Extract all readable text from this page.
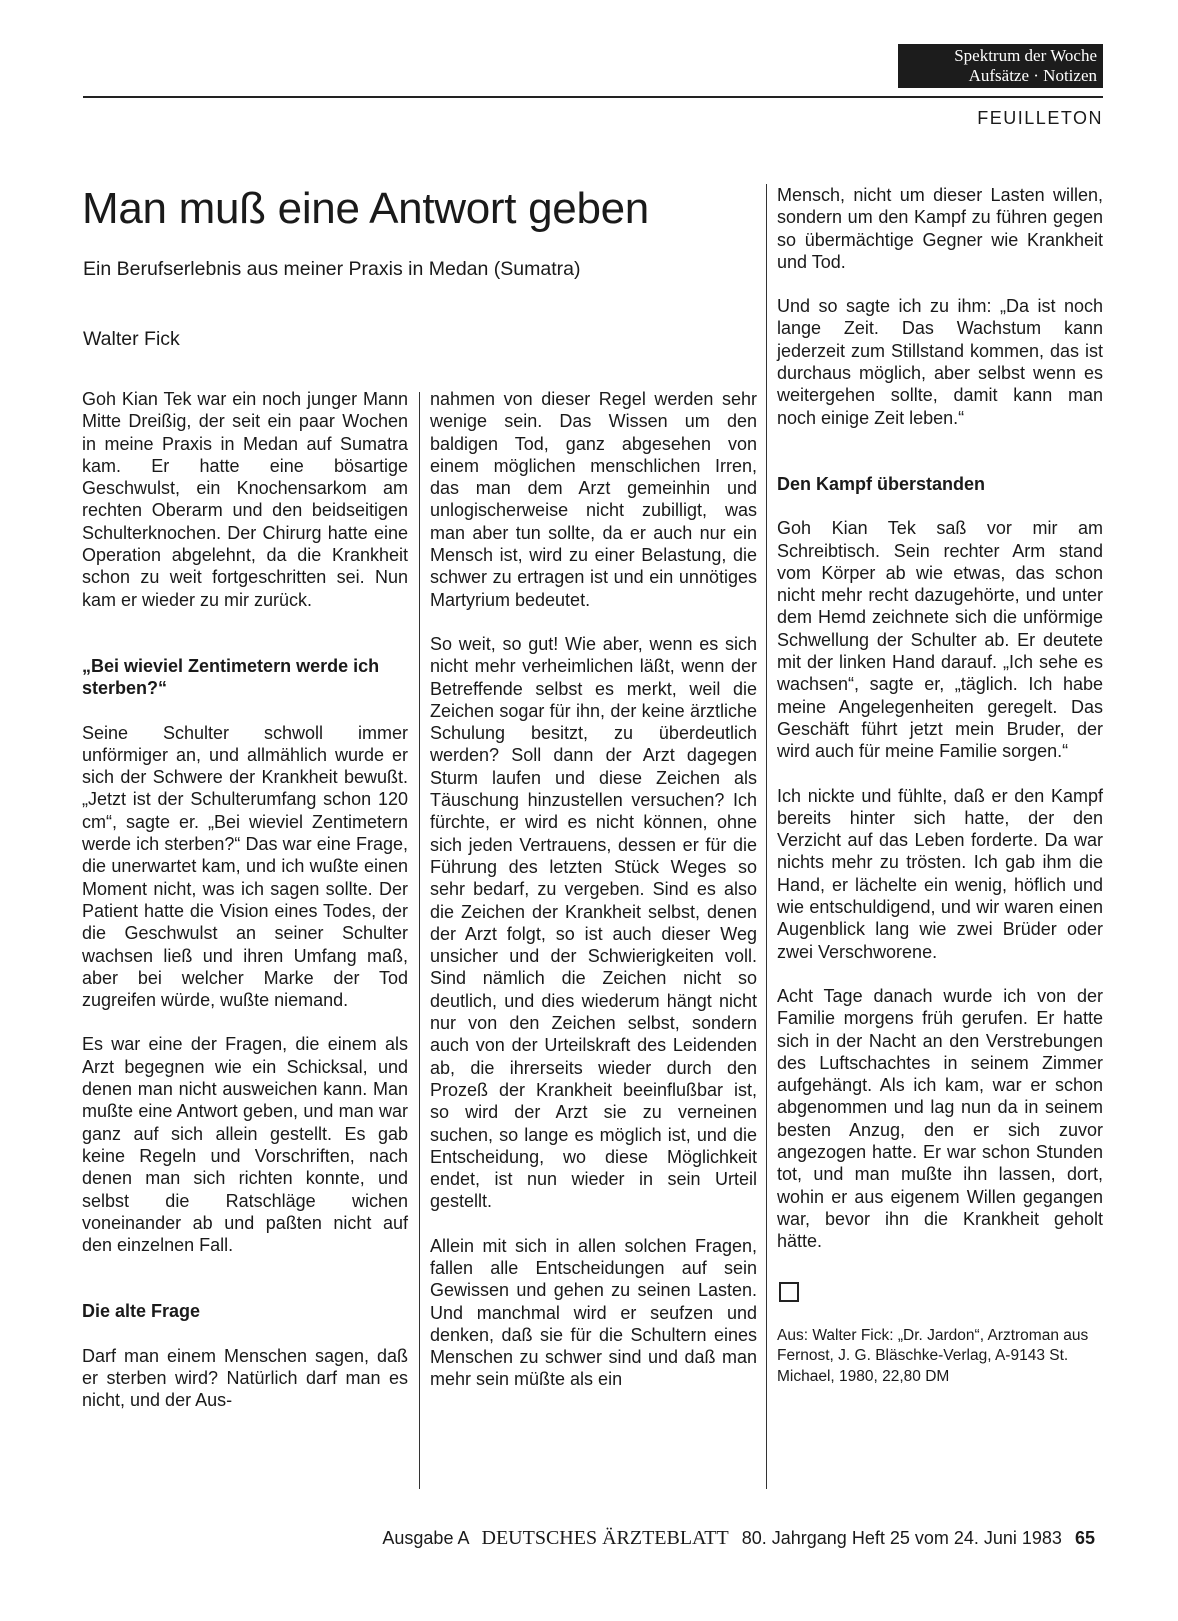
Spektrum der Woche
Aufsätze · Notizen
FEUILLETON
Man muß eine Antwort geben
Ein Berufserlebnis aus meiner Praxis in Medan (Sumatra)
Walter Fick

Goh Kian Tek war ein noch junger Mann Mitte Dreißig, der seit ein paar Wochen in meine Praxis in Medan auf Sumatra kam. Er hatte eine bösartige Geschwulst, ein Knochensarkom am rechten Oberarm und den beidseitigen Schulterknochen. Der Chirurg hatte eine Operation abgelehnt, da die Krankheit schon zu weit fortgeschritten sei. Nun kam er wieder zu mir zurück.

„Bei wieviel Zentimetern werde ich sterben?“

Seine Schulter schwoll immer unförmiger an, und allmählich wurde er sich der Schwere der Krankheit bewußt. „Jetzt ist der Schulterumfang schon 120 cm“, sagte er. „Bei wieviel Zentimetern werde ich sterben?“ Das war eine Frage, die unerwartet kam, und ich wußte einen Moment nicht, was ich sagen sollte. Der Patient hatte die Vision eines Todes, der die Geschwulst an seiner Schulter wachsen ließ und ihren Umfang maß, aber bei welcher Marke der Tod zugreifen würde, wußte niemand.

Es war eine der Fragen, die einem als Arzt begegnen wie ein Schicksal, und denen man nicht ausweichen kann. Man mußte eine Antwort geben, und man war ganz auf sich allein gestellt. Es gab keine Regeln und Vorschriften, nach denen man sich richten konnte, und selbst die Ratschläge wichen voneinander ab und paßten nicht auf den einzelnen Fall.

Die alte Frage

Darf man einem Menschen sagen, daß er sterben wird? Natürlich darf man es nicht, und der Aus-

nahmen von dieser Regel werden sehr wenige sein. Das Wissen um den baldigen Tod, ganz abgesehen von einem möglichen menschlichen Irren, das man dem Arzt gemeinhin und unlogischerweise nicht zubilligt, was man aber tun sollte, da er auch nur ein Mensch ist, wird zu einer Belastung, die schwer zu ertragen ist und ein unnötiges Martyrium bedeutet.

So weit, so gut! Wie aber, wenn es sich nicht mehr verheimlichen läßt, wenn der Betreffende selbst es merkt, weil die Zeichen sogar für ihn, der keine ärztliche Schulung besitzt, zu überdeutlich werden? Soll dann der Arzt dagegen Sturm laufen und diese Zeichen als Täuschung hinzustellen versuchen? Ich fürchte, er wird es nicht können, ohne sich jeden Vertrauens, dessen er für die Führung des letzten Stück Weges so sehr bedarf, zu vergeben. Sind es also die Zeichen der Krankheit selbst, denen der Arzt folgt, so ist auch dieser Weg unsicher und der Schwierigkeiten voll. Sind nämlich die Zeichen nicht so deutlich, und dies wiederum hängt nicht nur von den Zeichen selbst, sondern auch von der Urteilskraft des Leidenden ab, die ihrerseits wieder durch den Prozeß der Krankheit beeinflußbar ist, so wird der Arzt sie zu verneinen suchen, so lange es möglich ist, und die Entscheidung, wo diese Möglichkeit endet, ist nun wieder in sein Urteil gestellt.

Allein mit sich in allen solchen Fragen, fallen alle Entscheidungen auf sein Gewissen und gehen zu seinen Lasten. Und manchmal wird er seufzen und denken, daß sie für die Schultern eines Menschen zu schwer sind und daß man mehr sein müßte als ein

Mensch, nicht um dieser Lasten willen, sondern um den Kampf zu führen gegen so übermächtige Gegner wie Krankheit und Tod.

Und so sagte ich zu ihm: „Da ist noch lange Zeit. Das Wachstum kann jederzeit zum Stillstand kommen, das ist durchaus möglich, aber selbst wenn es weitergehen sollte, damit kann man noch einige Zeit leben.“

Den Kampf überstanden

Goh Kian Tek saß vor mir am Schreibtisch. Sein rechter Arm stand vom Körper ab wie etwas, das schon nicht mehr recht dazugehörte, und unter dem Hemd zeichnete sich die unförmige Schwellung der Schulter ab. Er deutete mit der linken Hand darauf. „Ich sehe es wachsen“, sagte er, „täglich. Ich habe meine Angelegenheiten geregelt. Das Geschäft führt jetzt mein Bruder, der wird auch für meine Familie sorgen.“

Ich nickte und fühlte, daß er den Kampf bereits hinter sich hatte, der den Verzicht auf das Leben forderte. Da war nichts mehr zu trösten. Ich gab ihm die Hand, er lächelte ein wenig, höflich und wie entschuldigend, und wir waren einen Augenblick lang wie zwei Brüder oder zwei Verschworene.

Acht Tage danach wurde ich von der Familie morgens früh gerufen. Er hatte sich in der Nacht an den Verstrebungen des Luftschachtes in seinem Zimmer aufgehängt. Als ich kam, war er schon abgenommen und lag nun da in seinem besten Anzug, den er sich zuvor angezogen hatte. Er war schon Stunden tot, und man mußte ihn lassen, dort, wohin er aus eigenem Willen gegangen war, bevor ihn die Krankheit geholt hätte.

Aus: Walter Fick: „Dr. Jardon“, Arztroman aus Fernost, J. G. Bläschke-Verlag, A-9143 St. Michael, 1980, 22,80 DM
Ausgabe A DEUTSCHES ÄRZTEBLATT 80. Jahrgang Heft 25 vom 24. Juni 1983 65
